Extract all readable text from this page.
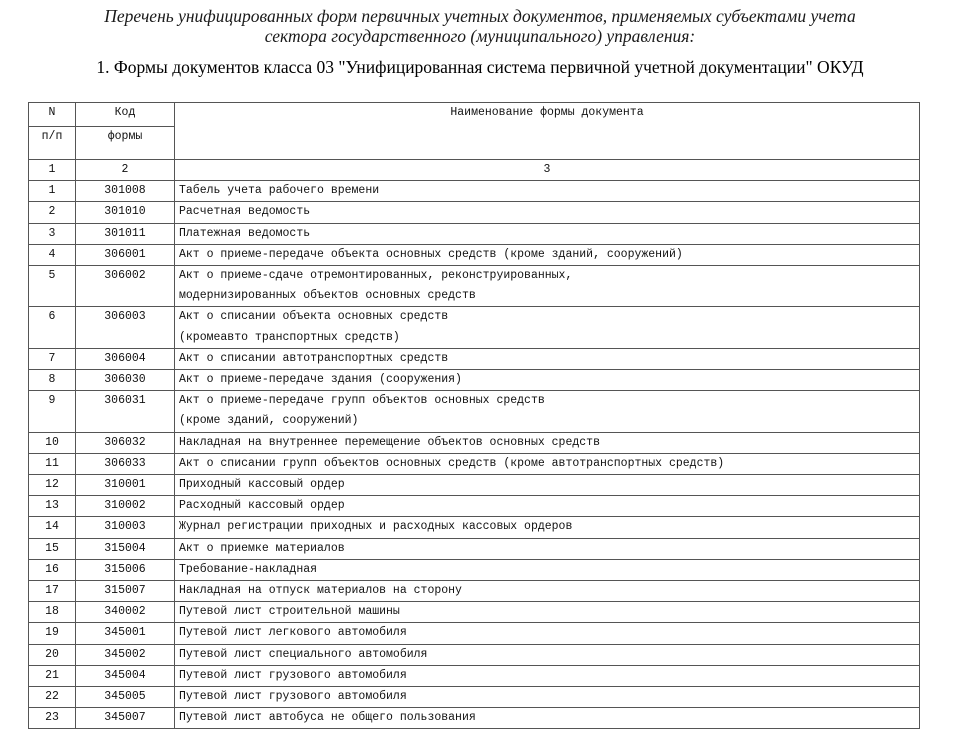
Перечень унифицированных форм первичных учетных документов, применяемых субъектами учета
сектора государственного (муниципального) управления:
1. Формы документов класса 03 "Унифицированная система первичной учетной документации" ОКУД
N	Код	Наименование формы документа
п/п	формы	
1	2	3
1	301008	Табель учета рабочего времени

2	301010	Расчетная ведомость

3	301011	Платежная ведомость

4	306001	Акт о приеме-передаче объекта основных средств (кроме зданий, сооружений)

5	306002	Акт о приеме-сдаче отремонтированных, реконструированных,
модернизированных объектов основных средств

6	306003	Акт о списании объекта основных средств
(кромеавто транспортных средств)

7	306004	Акт о списании автотранспортных средств

8	306030	Акт о приеме-передаче здания (сооружения)

9	306031	Акт о приеме-передаче групп объектов основных средств
(кроме зданий, сооружений)

10	306032	Накладная на внутреннее перемещение объектов основных средств

11	306033	Акт о списании групп объектов основных средств (кроме автотранспортных средств)

12	310001	Приходный кассовый ордер

13	310002	Расходный кассовый ордер

14	310003	Журнал регистрации приходных и расходных кассовых ордеров

15	315004	Акт о приемке материалов

16	315006	Требование-накладная

17	315007	Накладная на отпуск материалов на сторону

18	340002	Путевой лист строительной машины

19	345001	Путевой лист легкового автомобиля

20	345002	Путевой лист специального автомобиля

21	345004	Путевой лист грузового автомобиля

22	345005	Путевой лист грузового автомобиля

23	345007	Путевой лист автобуса не общего пользования
